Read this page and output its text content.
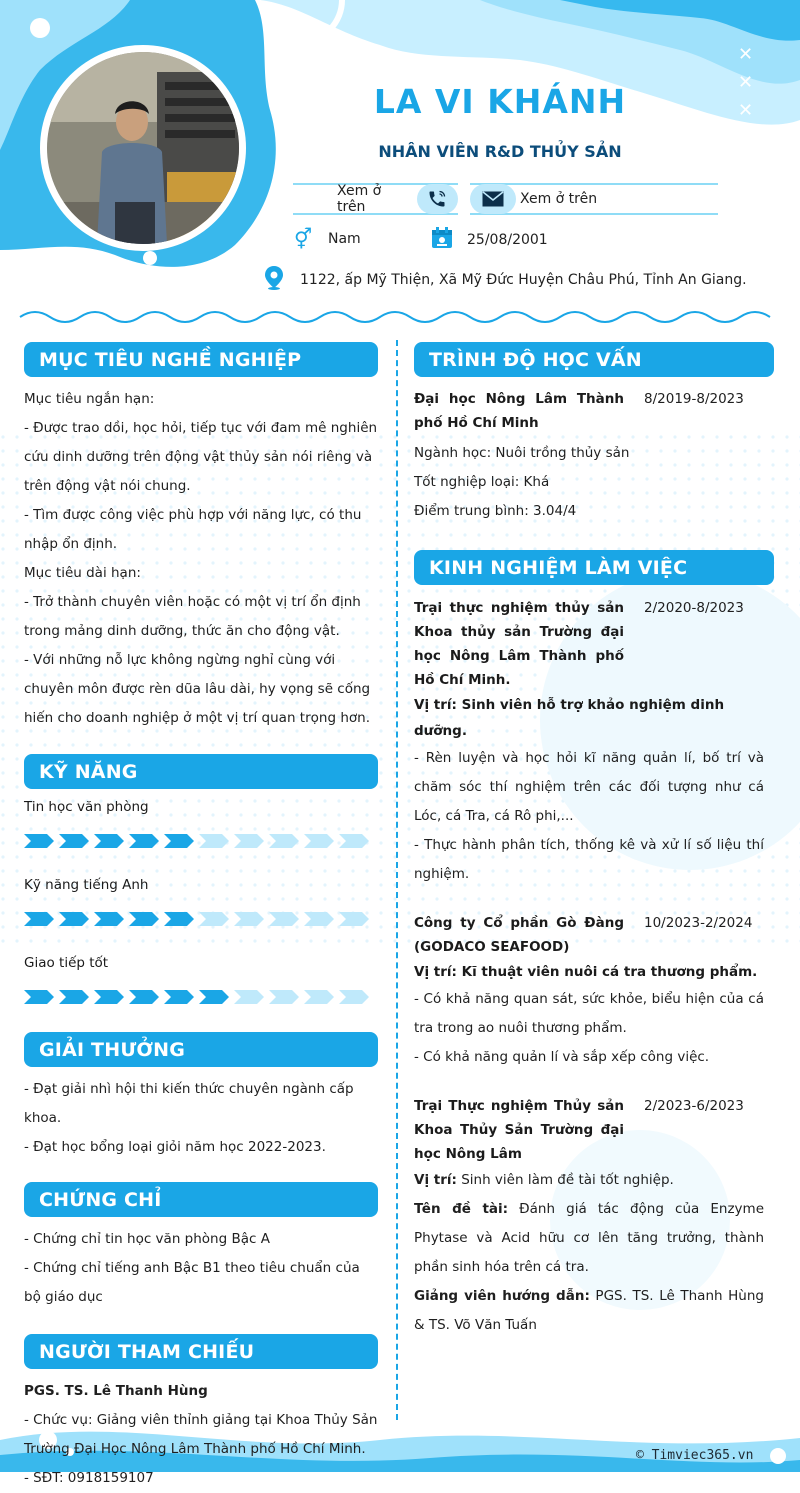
✕
✕
✕
LA VI KHÁNH
NHÂN VIÊN R&D THỦY SẢN
Xem ở trên	Xem ở trên
⚥	Nam	25/08/2001
1122, ấp Mỹ Thiện, Xã Mỹ Đức Huyện Châu Phú, Tỉnh An Giang.
MỤC TIÊU NGHỀ NGHIỆP
Mục tiêu ngắn hạn:
- Được trao dồi, học hỏi, tiếp tục với đam mê nghiên cứu dinh dưỡng trên động vật thủy sản nói riêng và trên động vật nói chung.
- Tìm được công việc phù hợp với năng lực, có thu nhập ổn định.
Mục tiêu dài hạn:
- Trở thành chuyên viên hoặc có một vị trí ổn định trong mảng dinh dưỡng, thức ăn cho động vật.
- Với những nỗ lực không ngừng nghỉ cùng với chuyên môn được rèn dũa lâu dài, hy vọng sẽ cống hiến cho doanh nghiệp ở một vị trí quan trọng hơn.
KỸ NĂNG
Tin học văn phòng
Kỹ năng tiếng Anh
Giao tiếp tốt
GIẢI THƯỞNG
- Đạt giải nhì hội thi kiến thức chuyên ngành cấp khoa.
- Đạt học bổng loại giỏi năm học 2022-2023.
CHỨNG CHỈ
- Chứng chỉ tin học văn phòng Bậc A
- Chứng chỉ tiếng anh Bậc B1 theo tiêu chuẩn của bộ giáo dục
NGƯỜI THAM CHIẾU
PGS. TS. Lê Thanh Hùng
- Chức vụ: Giảng viên thỉnh giảng tại Khoa Thủy Sản Trường Đại Học Nông Lâm Thành phố Hồ Chí Minh.
- SĐT: 0918159107
TRÌNH ĐỘ HỌC VẤN
Đại học Nông Lâm Thành phố Hồ Chí Minh
8/2019-8/2023
Ngành học: Nuôi trồng thủy sản
Tốt nghiệp loại: Khá
Điểm trung bình: 3.04/4
KINH NGHIỆM LÀM VIỆC
Trại thực nghiệm thủy sản Khoa thủy sản Trường đại học Nông Lâm Thành phố Hồ Chí Minh.
2/2020-8/2023
Vị trí: Sinh viên hỗ trợ khảo nghiệm dinh dưỡng.
- Rèn luyện và học hỏi kĩ năng quản lí, bố trí và chăm sóc thí nghiệm trên các đối tượng như cá Lóc, cá Tra, cá Rô phi,...
- Thực hành phân tích, thống kê và xử lí số liệu thí nghiệm.
Công ty Cổ phần Gò Đàng (GODACO SEAFOOD)
10/2023-2/2024
Vị trí: Kĩ thuật viên nuôi cá tra thương phẩm.
- Có khả năng quan sát, sức khỏe, biểu hiện của cá tra trong ao nuôi thương phẩm.
- Có khả năng quản lí và sắp xếp công việc.
Trại Thực nghiệm Thủy sản Khoa Thủy Sản Trường đại học Nông Lâm
2/2023-6/2023
Vị trí: Sinh viên làm đề tài tốt nghiệp.
Tên đề tài: Đánh giá tác động của Enzyme Phytase và Acid hữu cơ lên tăng trưởng, thành phần sinh hóa trên cá tra.
Giảng viên hướng dẫn: PGS. TS. Lê Thanh Hùng & TS. Võ Văn Tuấn
© Timviec365.vn
